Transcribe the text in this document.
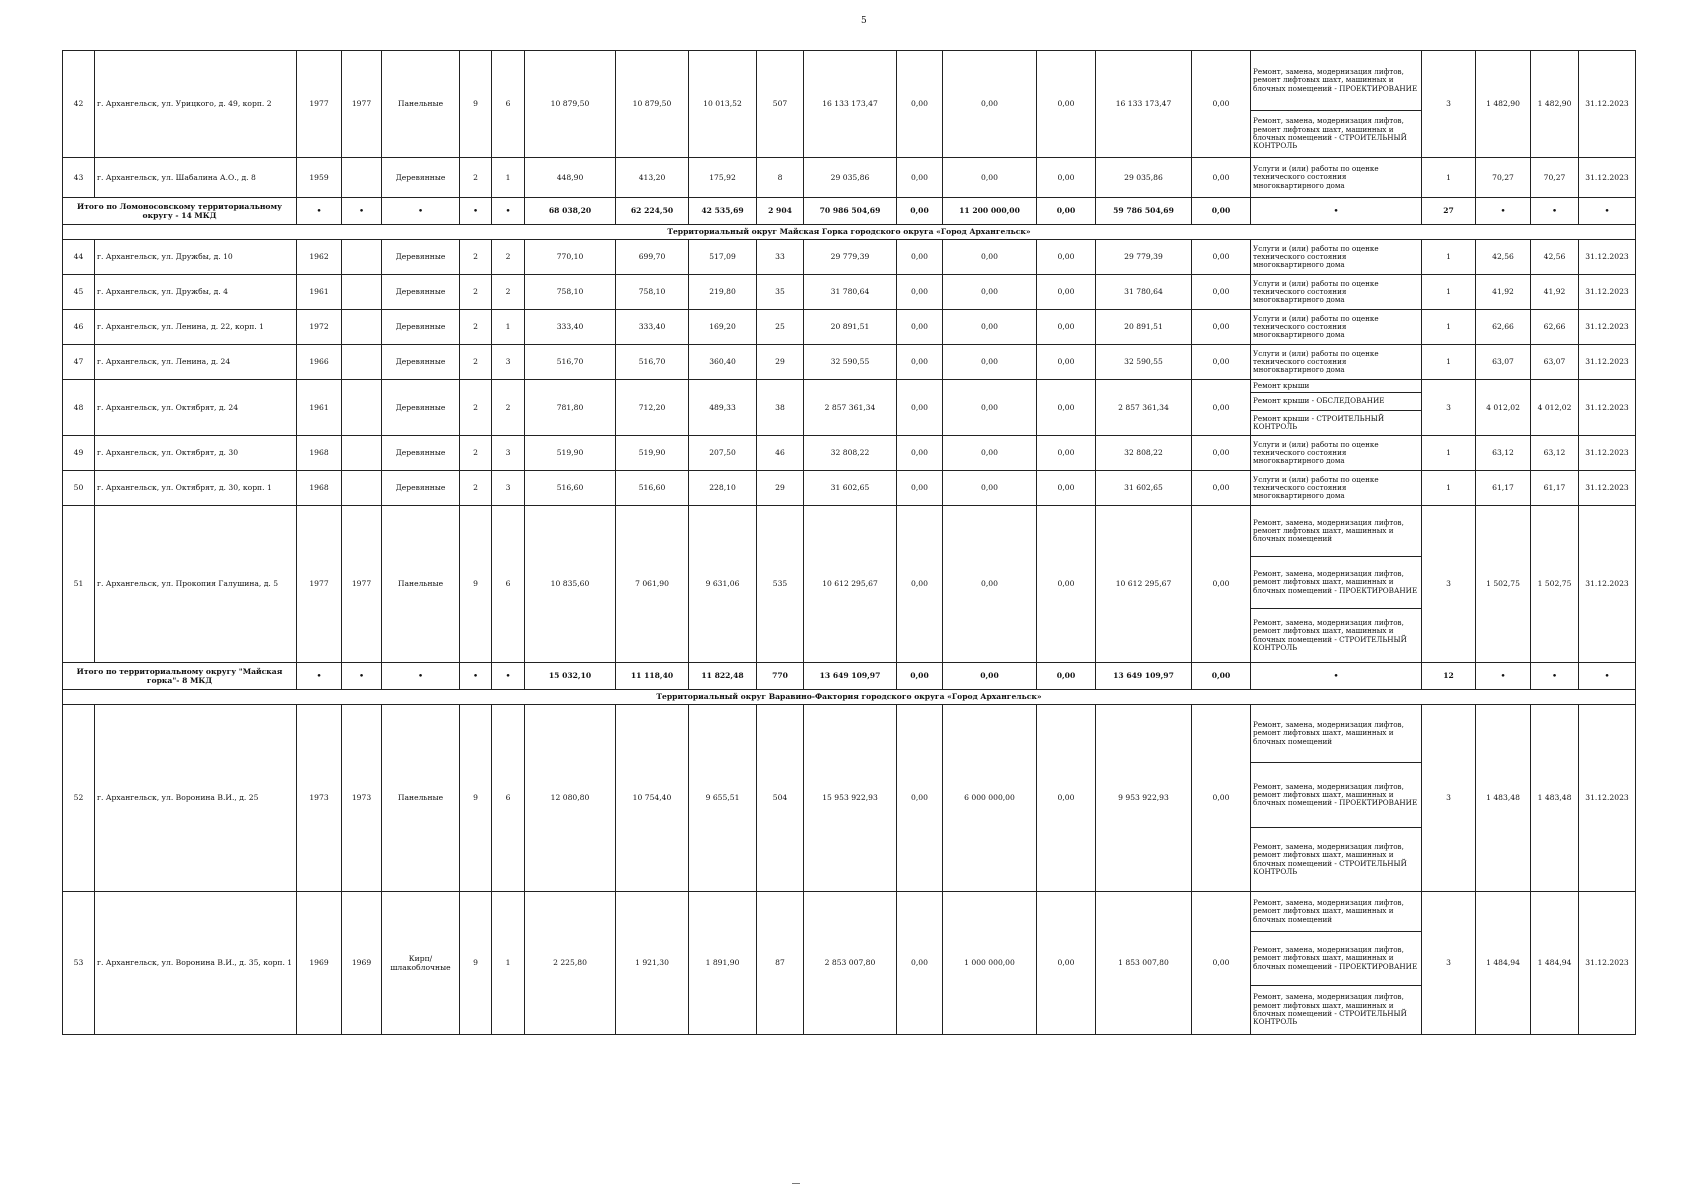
5
42	г. Архангельск, ул. Урицкого, д. 49, корп. 2	1977	1977	Панельные	9	6	10 879,50	10 879,50	10 013,52	507	16 133 173,47	0,00	0,00	0,00	16 133 173,47	0,00	Ремонт, замена, модернизация лифтов, ремонт лифтовых шахт, машинных и блочных помещений - ПРОЕКТИРОВАНИЕ	3	1 482,90	1 482,90	31.12.2023
																	Ремонт, замена, модернизация лифтов, ремонт лифтовых шахт, машинных и блочных помещений - СТРОИТЕЛЬНЫЙ КОНТРОЛЬ				
43	г. Архангельск, ул. Шабалина А.О., д. 8	1959		Деревянные	2	1	448,90	413,20	175,92	8	29 035,86	0,00	0,00	0,00	29 035,86	0,00	Услуги и (или) работы по оценке технического состояния многоквартирного дома	1	70,27	70,27	31.12.2023
Итого по Ломоносовскому территориальному округу - 14 МКД		•	•	•	•	•	68 038,20	62 224,50	42 535,69	2 904	70 986 504,69	0,00	11 200 000,00	0,00	59 786 504,69	0,00	•	27	•	•	•
Территориальный округ Майская Горка городского округа «Город Архангельск»																					
44	г. Архангельск, ул. Дружбы, д. 10	1962		Деревянные	2	2	770,10	699,70	517,09	33	29 779,39	0,00	0,00	0,00	29 779,39	0,00	Услуги и (или) работы по оценке технического состояния многоквартирного дома	1	42,56	42,56	31.12.2023
45	г. Архангельск, ул. Дружбы, д. 4	1961		Деревянные	2	2	758,10	758,10	219,80	35	31 780,64	0,00	0,00	0,00	31 780,64	0,00	Услуги и (или) работы по оценке технического состояния многоквартирного дома	1	41,92	41,92	31.12.2023
46	г. Архангельск, ул. Ленина, д. 22, корп. 1	1972		Деревянные	2	1	333,40	333,40	169,20	25	20 891,51	0,00	0,00	0,00	20 891,51	0,00	Услуги и (или) работы по оценке технического состояния многоквартирного дома	1	62,66	62,66	31.12.2023
47	г. Архангельск, ул. Ленина, д. 24	1966		Деревянные	2	3	516,70	516,70	360,40	29	32 590,55	0,00	0,00	0,00	32 590,55	0,00	Услуги и (или) работы по оценке технического состояния многоквартирного дома	1	63,07	63,07	31.12.2023
48	г. Архангельск, ул. Октябрят, д. 24	1961		Деревянные	2	2	781,80	712,20	489,33	38	2 857 361,34	0,00	0,00	0,00	2 857 361,34	0,00	Ремонт крыши	3	4 012,02	4 012,02	31.12.2023
																	Ремонт крыши - ОБСЛЕДОВАНИЕ				
																	Ремонт крыши - СТРОИТЕЛЬНЫЙ КОНТРОЛЬ				
49	г. Архангельск, ул. Октябрят, д. 30	1968		Деревянные	2	3	519,90	519,90	207,50	46	32 808,22	0,00	0,00	0,00	32 808,22	0,00	Услуги и (или) работы по оценке технического состояния многоквартирного дома	1	63,12	63,12	31.12.2023
50	г. Архангельск, ул. Октябрят, д. 30, корп. 1	1968		Деревянные	2	3	516,60	516,60	228,10	29	31 602,65	0,00	0,00	0,00	31 602,65	0,00	Услуги и (или) работы по оценке технического состояния многоквартирного дома	1	61,17	61,17	31.12.2023
51	г. Архангельск, ул. Прокопия Галушина, д. 5	1977	1977	Панельные	9	6	10 835,60	7 061,90	9 631,06	535	10 612 295,67	0,00	0,00	0,00	10 612 295,67	0,00	Ремонт, замена, модернизация лифтов, ремонт лифтовых шахт, машинных и блочных помещений	3	1 502,75	1 502,75	31.12.2023
																	Ремонт, замена, модернизация лифтов, ремонт лифтовых шахт, машинных и блочных помещений - ПРОЕКТИРОВАНИЕ				
																	Ремонт, замена, модернизация лифтов, ремонт лифтовых шахт, машинных и блочных помещений - СТРОИТЕЛЬНЫЙ КОНТРОЛЬ				
Итого по территориальному округу "Майская горка"- 8 МКД		•	•	•	•	•	15 032,10	11 118,40	11 822,48	770	13 649 109,97	0,00	0,00	0,00	13 649 109,97	0,00	•	12	•	•	•
Территориальный округ Варавино-Фактория городского округа «Город Архангельск»																					
52	г. Архангельск, ул. Воронина В.И., д. 25	1973	1973	Панельные	9	6	12 080,80	10 754,40	9 655,51	504	15 953 922,93	0,00	6 000 000,00	0,00	9 953 922,93	0,00	Ремонт, замена, модернизация лифтов, ремонт лифтовых шахт, машинных и блочных помещений	3	1 483,48	1 483,48	31.12.2023
																	Ремонт, замена, модернизация лифтов, ремонт лифтовых шахт, машинных и блочных помещений - ПРОЕКТИРОВАНИЕ				
																	Ремонт, замена, модернизация лифтов, ремонт лифтовых шахт, машинных и блочных помещений - СТРОИТЕЛЬНЫЙ КОНТРОЛЬ				
53	г. Архангельск, ул. Воронина В.И., д. 35, корп. 1	1969	1969	Кирп/ шлакоблочные	9	1	2 225,80	1 921,30	1 891,90	87	2 853 007,80	0,00	1 000 000,00	0,00	1 853 007,80	0,00	Ремонт, замена, модернизация лифтов, ремонт лифтовых шахт, машинных и блочных помещений	3	1 484,94	1 484,94	31.12.2023
																	Ремонт, замена, модернизация лифтов, ремонт лифтовых шахт, машинных и блочных помещений - ПРОЕКТИРОВАНИЕ				
																	Ремонт, замена, модернизация лифтов, ремонт лифтовых шахт, машинных и блочных помещений - СТРОИТЕЛЬНЫЙ КОНТРОЛЬ				
